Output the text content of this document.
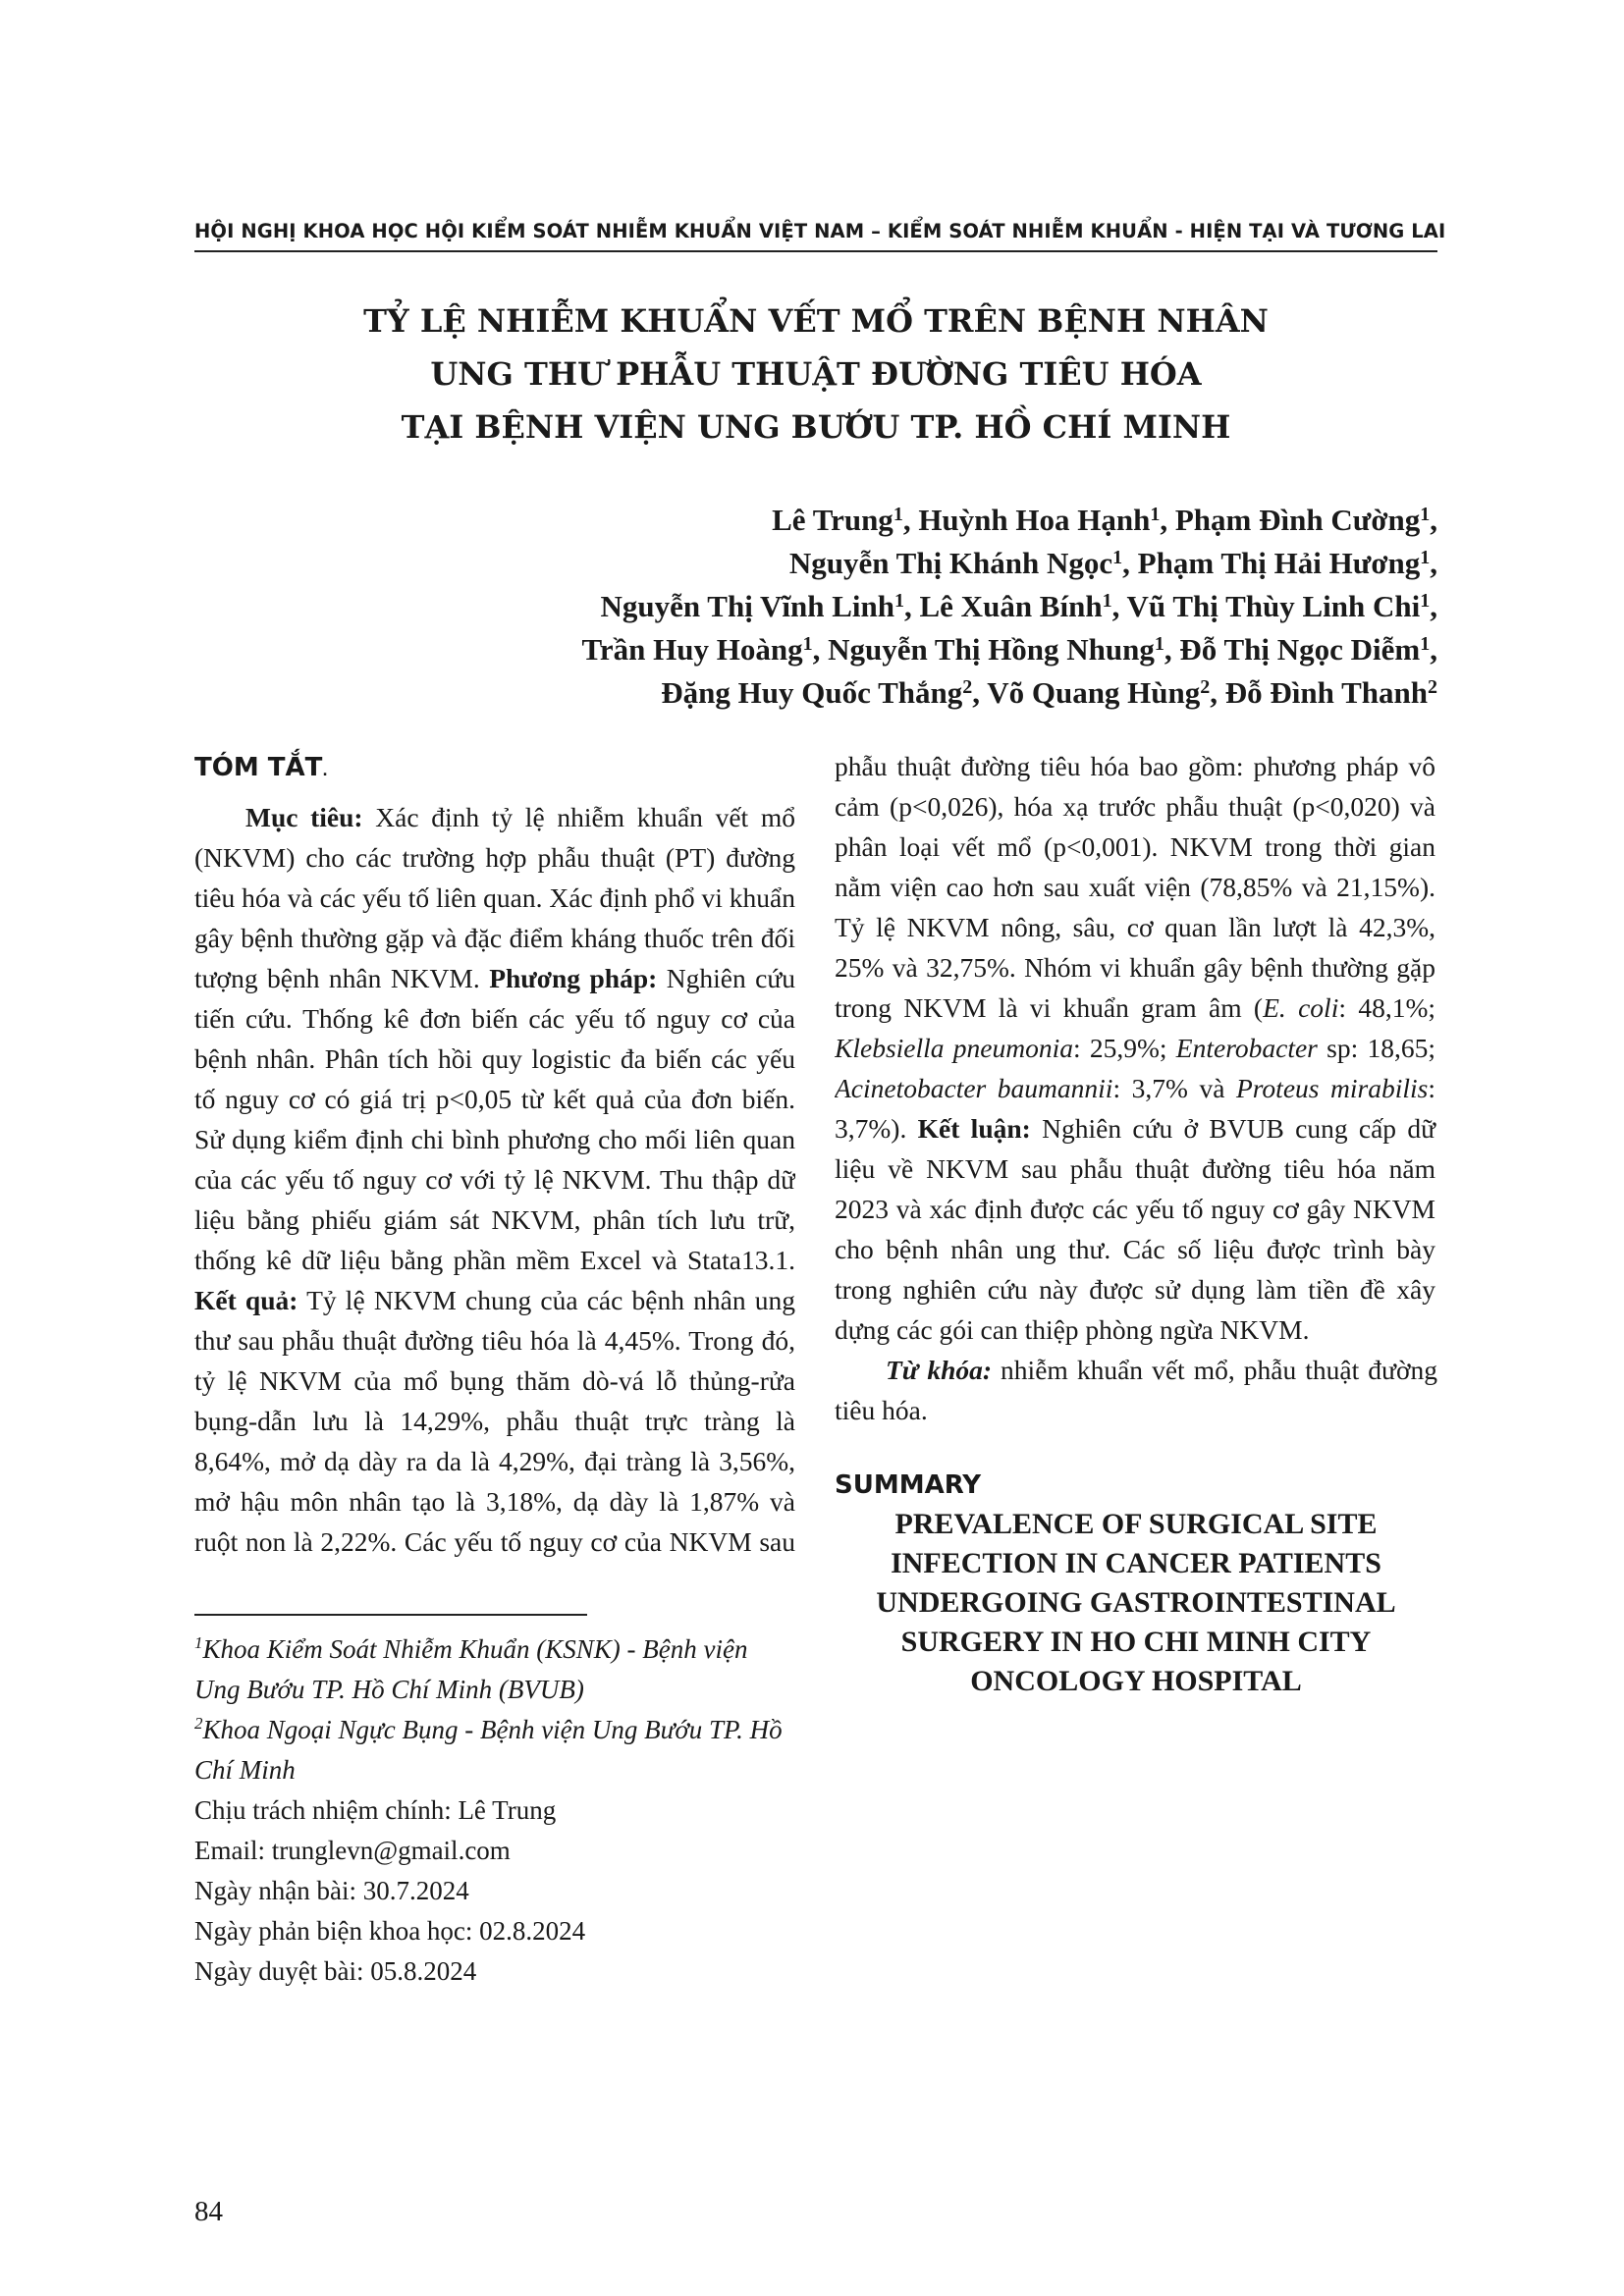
HỘI NGHỊ KHOA HỌC HỘI KIỂM SOÁT NHIỄM KHUẨN VIỆT NAM – KIỂM SOÁT NHIỄM KHUẨN - HIỆN TẠI VÀ TƯƠNG LAI
TỶ LỆ NHIỄM KHUẨN VẾT MỔ TRÊN BỆNH NHÂN
UNG THƯ PHẪU THUẬT ĐƯỜNG TIÊU HÓA
TẠI BỆNH VIỆN UNG BƯỚU TP. HỒ CHÍ MINH
Lê Trung$^1$, Huỳnh Hoa Hạnh$^1$, Phạm Đình Cường$^1$,
Nguyễn Thị Khánh Ngọc$^1$, Phạm Thị Hải Hương$^1$,
Nguyễn Thị Vĩnh Linh$^1$, Lê Xuân Bính$^1$, Vũ Thị Thùy Linh Chi$^1$,
Trần Huy Hoàng$^1$, Nguyễn Thị Hồng Nhung$^1$, Đỗ Thị Ngọc Diễm$^1$,
Đặng Huy Quốc Thắng$^2$, Võ Quang Hùng$^2$, Đỗ Đình Thanh$^2$
TÓM TẮT.

Mục tiêu: Xác định tỷ lệ nhiễm khuẩn vết mổ (NKVM) cho các trường hợp phẫu thuật (PT) đường tiêu hóa và các yếu tố liên quan. Xác định phổ vi khuẩn gây bệnh thường gặp và đặc điểm kháng thuốc trên đối tượng bệnh nhân NKVM. Phương pháp: Nghiên cứu tiến cứu. Thống kê đơn biến các yếu tố nguy cơ của bệnh nhân. Phân tích hồi quy logistic đa biến các yếu tố nguy cơ có giá trị p<0,05 từ kết quả của đơn biến. Sử dụng kiểm định chi bình phương cho mối liên quan của các yếu tố nguy cơ với tỷ lệ NKVM. Thu thập dữ liệu bằng phiếu giám sát NKVM, phân tích lưu trữ, thống kê dữ liệu bằng phần mềm Excel và Stata13.1. Kết quả: Tỷ lệ NKVM chung của các bệnh nhân ung thư sau phẫu thuật đường tiêu hóa là 4,45%. Trong đó, tỷ lệ NKVM của mổ bụng thăm dò-vá lỗ thủng-rửa bụng-dẫn lưu là 14,29%, phẫu thuật trực tràng là 8,64%, mở dạ dày ra da là 4,29%, đại tràng là 3,56%, mở hậu môn nhân tạo là 3,18%, dạ dày là 1,87% và ruột non là 2,22%. Các yếu tố nguy cơ của NKVM sau

$^1$Khoa Kiểm Soát Nhiễm Khuẩn (KSNK) - Bệnh viện Ung Bướu TP. Hồ Chí Minh (BVUB)
$^2$Khoa Ngoại Ngực Bụng - Bệnh viện Ung Bướu TP. Hồ Chí Minh
Chịu trách nhiệm chính: Lê Trung
Email: trunglevn@gmail.com
Ngày nhận bài: 30.7.2024
Ngày phản biện khoa học: 02.8.2024
Ngày duyệt bài: 05.8.2024

phẫu thuật đường tiêu hóa bao gồm: phương pháp vô cảm (p<0,026), hóa xạ trước phẫu thuật (p<0,020) và phân loại vết mổ (p<0,001). NKVM trong thời gian nằm viện cao hơn sau xuất viện (78,85% và 21,15%). Tỷ lệ NKVM nông, sâu, cơ quan lần lượt là 42,3%, 25% và 32,75%. Nhóm vi khuẩn gây bệnh thường gặp trong NKVM là vi khuẩn gram âm (E. coli: 48,1%; Klebsiella pneumonia: 25,9%; Enterobacter sp: 18,65; Acinetobacter baumannii: 3,7% và Proteus mirabilis: 3,7%). Kết luận: Nghiên cứu ở BVUB cung cấp dữ liệu về NKVM sau phẫu thuật đường tiêu hóa năm 2023 và xác định được các yếu tố nguy cơ gây NKVM cho bệnh nhân ung thư. Các số liệu được trình bày trong nghiên cứu này được sử dụng làm tiền đề xây dựng các gói can thiệp phòng ngừa NKVM.

Từ khóa: nhiễm khuẩn vết mổ, phẫu thuật đường tiêu hóa.

SUMMARY
PREVALENCE OF SURGICAL SITE
INFECTION IN CANCER PATIENTS
UNDERGOING GASTROINTESTINAL
SURGERY IN HO CHI MINH CITY
ONCOLOGY HOSPITAL
84
